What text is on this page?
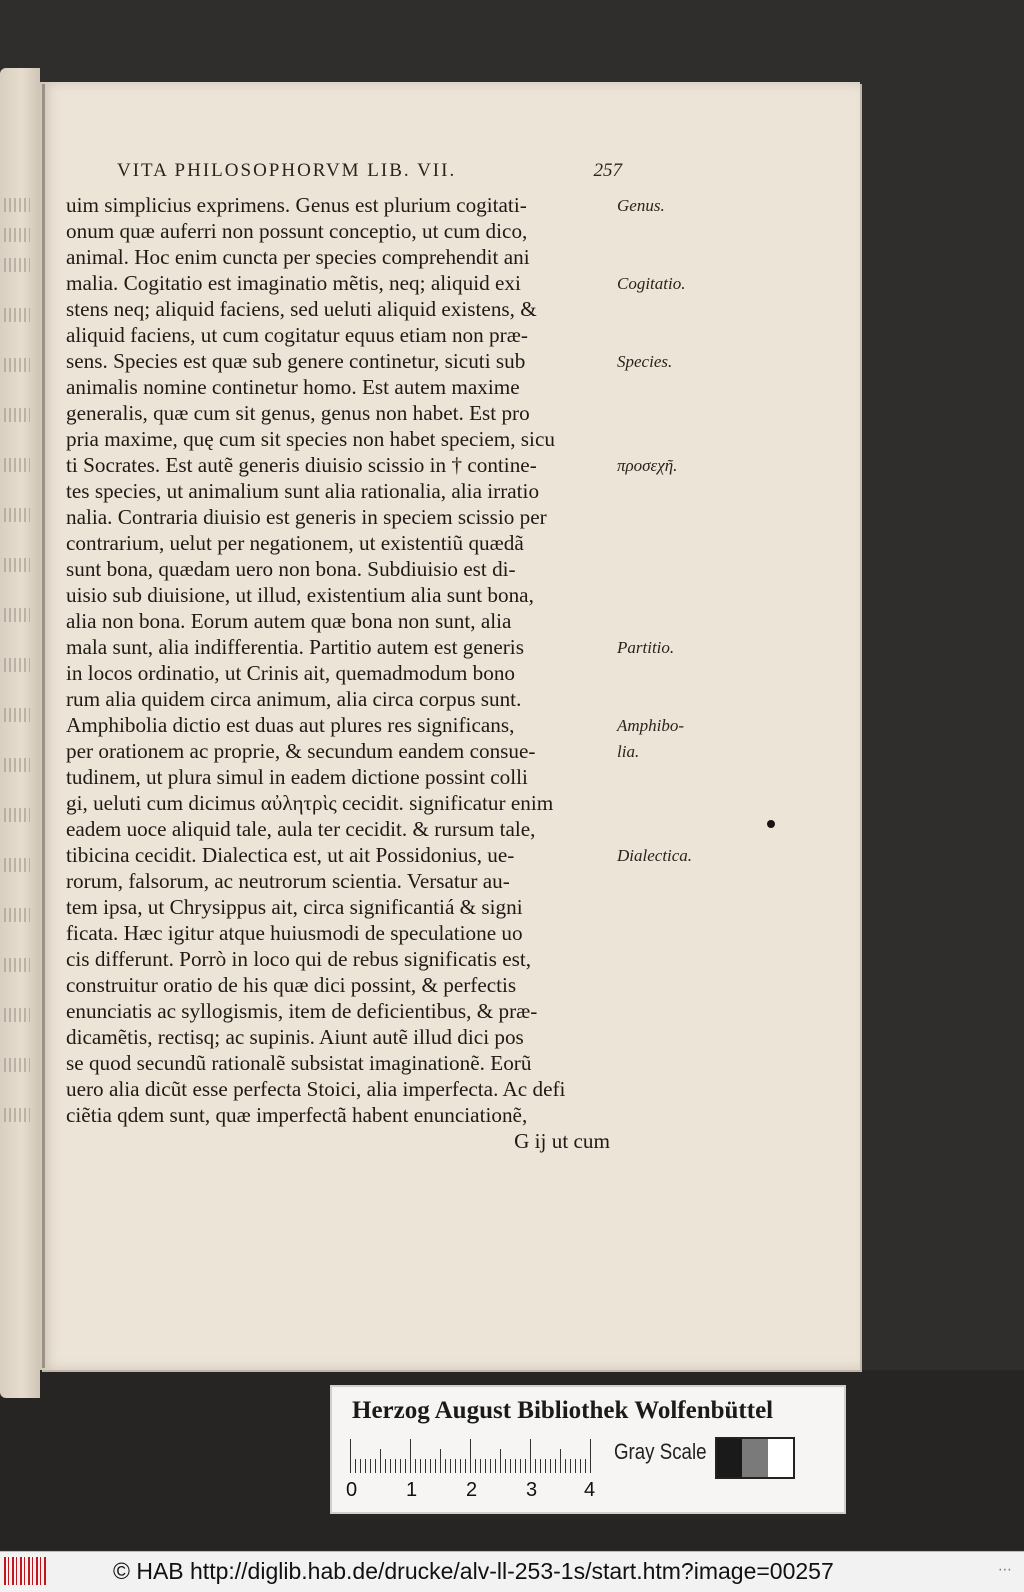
VITA PHILOSOPHORVM LIB. VII.	257
uim simplicius exprimens. Genus est plurium cogitati-
onum quæ auferri non possunt conceptio, ut cum dico,
animal. Hoc enim cuncta per species comprehendit ani
malia. Cogitatio est imaginatio mẽtis, neq; aliquid exi
stens neq; aliquid faciens, sed ueluti aliquid existens, &
aliquid faciens, ut cum cogitatur equus etiam non præ-
sens. Species est quæ sub genere continetur, sicuti sub
animalis nomine continetur homo. Est autem maxime
generalis, quæ cum sit genus, genus non habet. Est pro
pria maxime, quę cum sit species non habet speciem, sicu
ti Socrates. Est autẽ generis diuisio scissio in † contine-
tes species, ut animalium sunt alia rationalia, alia irratio
nalia. Contraria diuisio est generis in speciem scissio per
contrarium, uelut per negationem, ut existentiũ quædã
sunt bona, quædam uero non bona. Subdiuisio est di-
uisio sub diuisione, ut illud, existentium alia sunt bona,
alia non bona. Eorum autem quæ bona non sunt, alia
mala sunt, alia indifferentia. Partitio autem est generis
in locos ordinatio, ut Crinis ait, quemadmodum bono
rum alia quidem circa animum, alia circa corpus sunt.
Amphibolia dictio est duas aut plures res significans,
per orationem ac proprie, & secundum eandem consue-
tudinem, ut plura simul in eadem dictione possint colli
gi, ueluti cum dicimus αὐλητρὶς cecidit. significatur enim
eadem uoce aliquid tale, aula ter cecidit. & rursum tale,
tibicina cecidit. Dialectica est, ut ait Possidonius, ue-
rorum, falsorum, ac neutrorum scientia. Versatur au-
tem ipsa, ut Chrysippus ait, circa significantiá & signi
ficata. Hæc igitur atque huiusmodi de speculatione uo
cis differunt. Porrò in loco qui de rebus significatis est,
construitur oratio de his quæ dici possint, & perfectis
enunciatis ac syllogismis, item de deficientibus, & præ-
dicamẽtis, rectisq; ac supinis. Aiunt autẽ illud dici pos
se quod secundũ rationalẽ subsistat imaginationẽ. Eorũ
uero alia dicũt esse perfecta Stoici, alia imperfecta. Ac defi
ciẽtia qdem sunt, quæ imperfectã habent enunciationẽ,
G ij ut cum
Genus.
Cogitatio.
Species.
προσεχῆ.
Partitio.
Amphibo-
lia.
Dialectica.
Herzog August Bibliothek Wolfenbüttel
0 1 2 3 4
Gray Scale
© HAB http://diglib.hab.de/drucke/alv-ll-253-1s/start.htm?image=00257	⋯
